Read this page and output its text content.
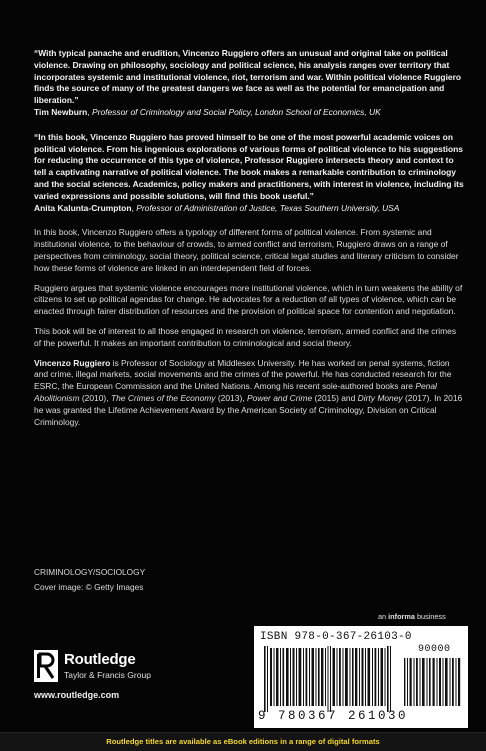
“With typical panache and erudition, Vincenzo Ruggiero offers an unusual and original take on political violence. Drawing on philosophy, sociology and political science, his analysis ranges over territory that incorporates systemic and institutional violence, riot, terrorism and war. Within political violence Ruggiero finds the source of many of the greatest dangers we face as well as the potential for emancipation and liberation.”

Tim Newburn, Professor of Criminology and Social Policy, London School of Economics, UK

“In this book, Vincenzo Ruggiero has proved himself to be one of the most powerful academic voices on political violence. From his ingenious explorations of various forms of political violence to his suggestions for reducing the occurrence of this type of violence, Professor Ruggiero intersects theory and context to tell a captivating narrative of political violence. The book makes a remarkable contribution to criminology and the social sciences. Academics, policy makers and practitioners, with interest in violence, including its varied expressions and possible solutions, will find this book useful.”

Anita Kalunta-Crumpton, Professor of Administration of Justice, Texas Southern University, USA

In this book, Vincenzo Ruggiero offers a typology of different forms of political violence. From systemic and institutional violence, to the behaviour of crowds, to armed conflict and terrorism, Ruggiero draws on a range of perspectives from criminology, social theory, political science, critical legal studies and literary criticism to consider how these forms of violence are linked in an interdependent field of forces.

Ruggiero argues that systemic violence encourages more institutional violence, which in turn weakens the ability of citizens to set up political agendas for change. He advocates for a reduction of all types of violence, which can be enacted through fairer distribution of resources and the provision of political space for contention and negotiation.

This book will be of interest to all those engaged in research on violence, terrorism, armed conflict and the crimes of the powerful. It makes an important contribution to criminological and social theory.

Vincenzo Ruggiero is Professor of Sociology at Middlesex University. He has worked on penal systems, fiction and crime, illegal markets, social movements and the crimes of the powerful. He has conducted research for the ESRC, the European Commission and the United Nations. Among his recent sole-authored books are Penal Abolitionism (2010), The Crimes of the Economy (2013), Power and Crime (2015) and Dirty Money (2017). In 2016 he was granted the Lifetime Achievement Award by the American Society of Criminology, Division on Critical Criminology.

CRIMINOLOGY/SOCIOLOGY
Cover image: © Getty Images
an informa business
ISBN 978-0-367-26103-0
90000
9 780367 261030
Routledge
Taylor & Francis Group
www.routledge.com
Routledge titles are available as eBook editions in a range of digital formats
